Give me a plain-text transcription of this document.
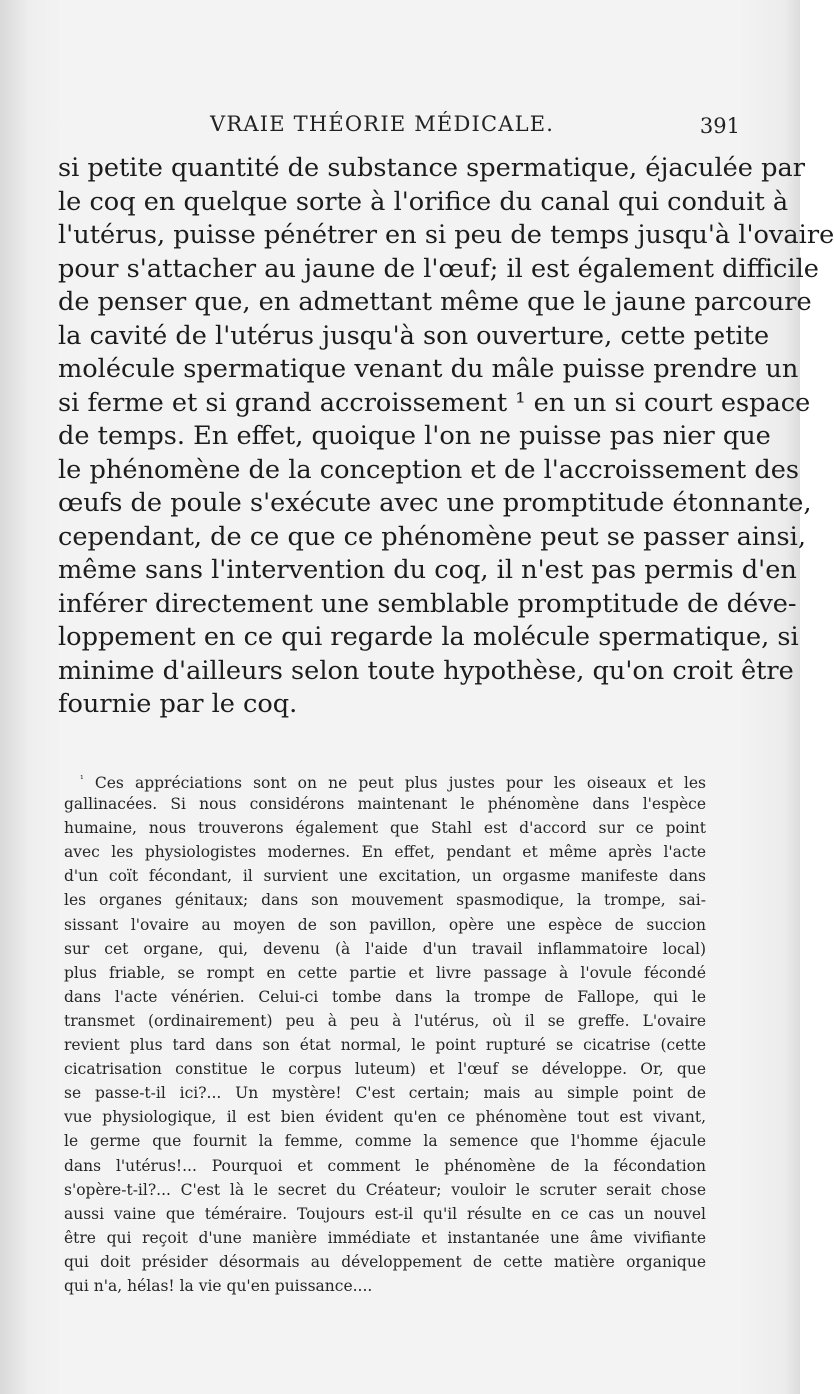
VRAIE THÉORIE MÉDICALE.	391
si petite quantité de substance spermatique, éjaculée par
le coq en quelque sorte à l'orifice du canal qui conduit à
l'utérus, puisse pénétrer en si peu de temps jusqu'à l'ovaire
pour s'attacher au jaune de l'œuf; il est également difficile
de penser que, en admettant même que le jaune parcoure
la cavité de l'utérus jusqu'à son ouverture, cette petite
molécule spermatique venant du mâle puisse prendre un
si ferme et si grand accroissement ¹ en un si court espace
de temps. En effet, quoique l'on ne puisse pas nier que
le phénomène de la conception et de l'accroissement des
œufs de poule s'exécute avec une promptitude étonnante,
cependant, de ce que ce phénomène peut se passer ainsi,
même sans l'intervention du coq, il n'est pas permis d'en
inférer directement une semblable promptitude de déve-
loppement en ce qui regarde la molécule spermatique, si
minime d'ailleurs selon toute hypothèse, qu'on croit être
fournie par le coq.
$^{^1}$ Ces appréciations sont on ne peut plus justes pour les oiseaux et les
gallinacées. Si nous considérons maintenant le phénomène dans l'espèce
humaine, nous trouverons également que Stahl est d'accord sur ce point
avec les physiologistes modernes. En effet, pendant et même après l'acte
d'un coït fécondant, il survient une excitation, un orgasme manifeste dans
les organes génitaux; dans son mouvement spasmodique, la trompe, sai-
sissant l'ovaire au moyen de son pavillon, opère une espèce de succion
sur cet organe, qui, devenu (à l'aide d'un travail inflammatoire local)
plus friable, se rompt en cette partie et livre passage à l'ovule fécondé
dans l'acte vénérien. Celui-ci tombe dans la trompe de Fallope, qui le
transmet (ordinairement) peu à peu à l'utérus, où il se greffe. L'ovaire
revient plus tard dans son état normal, le point rupturé se cicatrise (cette
cicatrisation constitue le corpus luteum) et l'œuf se développe. Or, que
se passe-t-il ici?... Un mystère! C'est certain; mais au simple point de
vue physiologique, il est bien évident qu'en ce phénomène tout est vivant,
le germe que fournit la femme, comme la semence que l'homme éjacule
dans l'utérus!... Pourquoi et comment le phénomène de la fécondation
s'opère-t-il?... C'est là le secret du Créateur; vouloir le scruter serait chose
aussi vaine que téméraire. Toujours est-il qu'il résulte en ce cas un nouvel
être qui reçoit d'une manière immédiate et instantanée une âme vivifiante
qui doit présider désormais au développement de cette matière organique
qui n'a, hélas! la vie qu'en puissance....
